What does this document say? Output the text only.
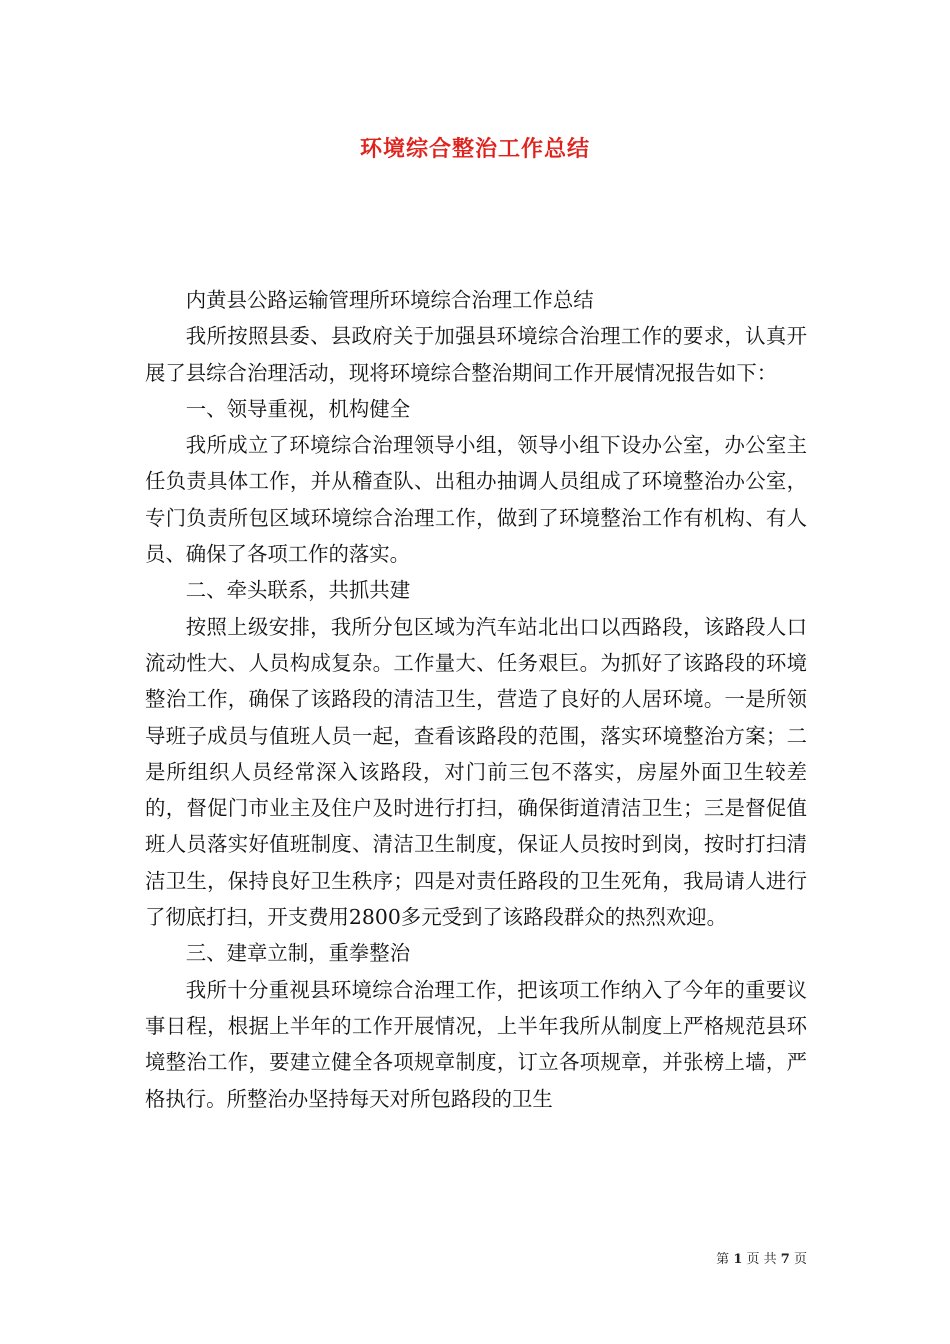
环境综合整治工作总结

内黄县公路运输管理所环境综合治理工作总结

我所按照县委、县政府关于加强县环境综合治理工作的要求，认真开展了县综合治理活动，现将环境综合整治期间工作开展情况报告如下：

一、领导重视，机构健全

我所成立了环境综合治理领导小组，领导小组下设办公室，办公室主任负责具体工作，并从稽查队、出租办抽调人员组成了环境整治办公室，专门负责所包区域环境综合治理工作，做到了环境整治工作有机构、有人员、确保了各项工作的落实。

二、牵头联系，共抓共建

按照上级安排，我所分包区域为汽车站北出口以西路段，该路段人口流动性大、人员构成复杂。工作量大、任务艰巨。为抓好了该路段的环境整治工作，确保了该路段的清洁卫生，营造了良好的人居环境。一是所领导班子成员与值班人员一起，查看该路段的范围，落实环境整治方案；二是所组织人员经常深入该路段，对门前三包不落实，房屋外面卫生较差的，督促门市业主及住户及时进行打扫，确保街道清洁卫生；三是督促值班人员落实好值班制度、清洁卫生制度，保证人员按时到岗，按时打扫清洁卫生，保持良好卫生秩序；四是对责任路段的卫生死角，我局请人进行了彻底打扫，开支费用2800多元受到了该路段群众的热烈欢迎。

三、建章立制，重拳整治

我所十分重视县环境综合治理工作，把该项工作纳入了今年的重要议事日程，根据上半年的工作开展情况，上半年我所从制度上严格规范县环境整治工作，要建立健全各项规章制度，订立各项规章，并张榜上墙，严格执行。所整治办坚持每天对所包路段的卫生

第 1 页 共 7 页
